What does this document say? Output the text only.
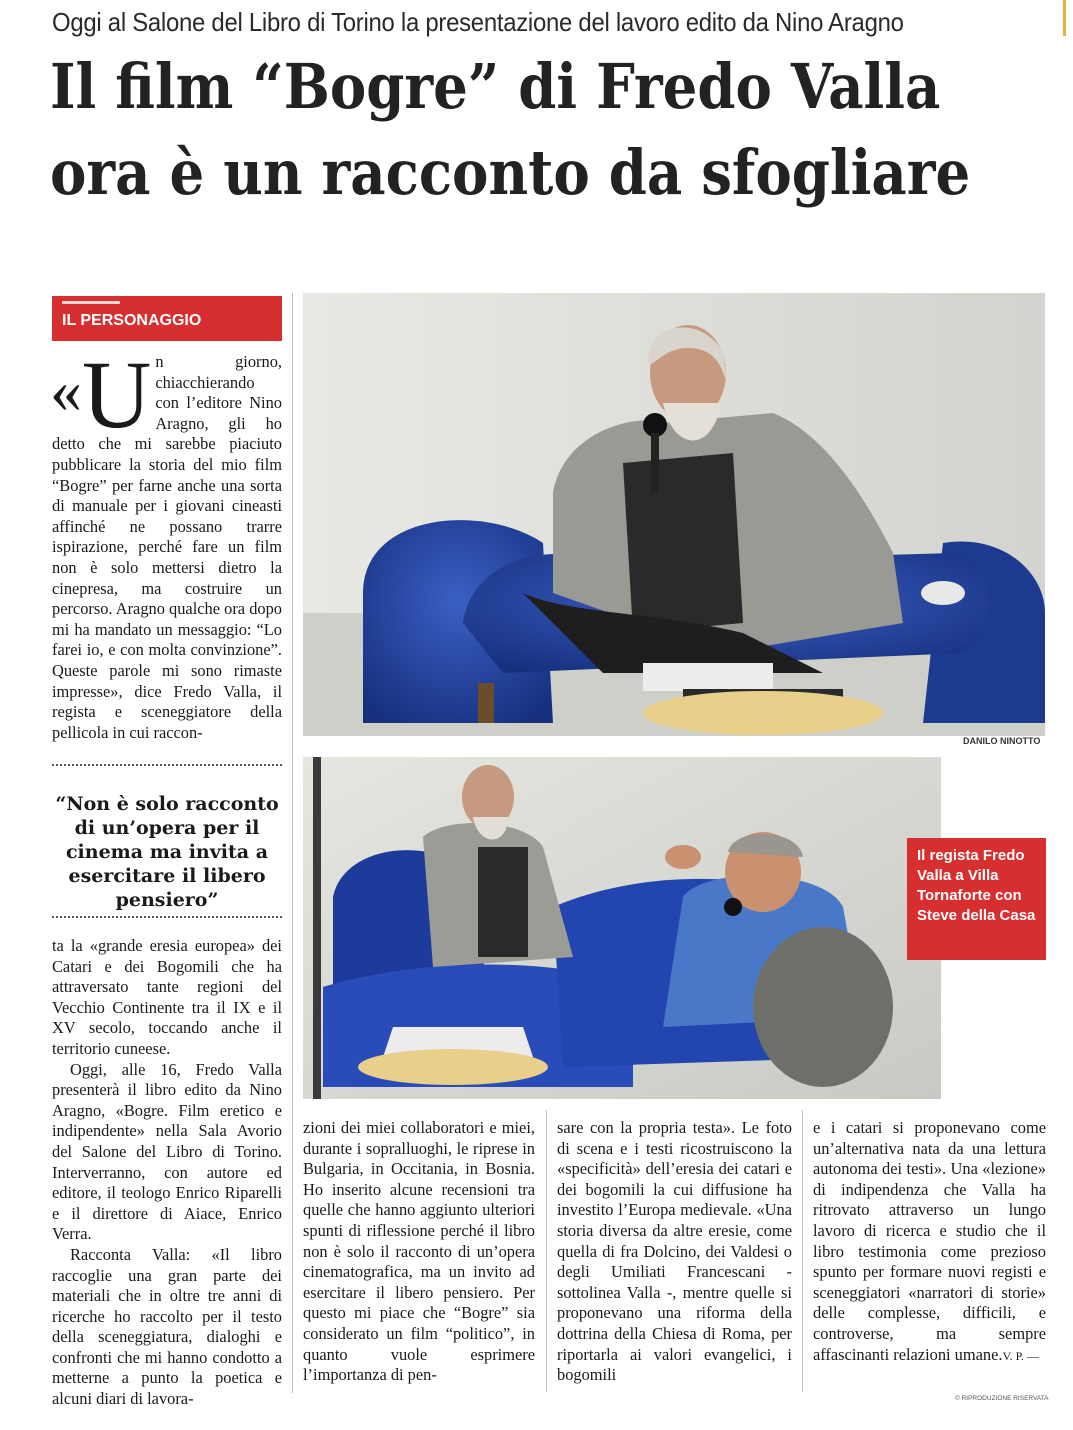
Oggi al Salone del Libro di Torino la presentazione del lavoro edito da Nino Aragno
Il film “Bogre” di Fredo Valla
ora è un racconto da sfogliare
IL PERSONAGGIO
«U n giorno, chiacchierando con l’editore Nino Aragno, gli ho detto che mi sarebbe piaciuto pubblicare la storia del mio film “Bogre” per farne anche una sorta di manuale per i giovani cineasti affinché ne possano trarre ispirazione, perché fare un film non è solo mettersi dietro la cinepresa, ma costruire un percorso. Aragno qualche ora dopo mi ha mandato un messaggio: “Lo farei io, e con molta convinzione”. Queste parole mi sono rimaste impresse», dice Fredo Valla, il regista e sceneggiatore della pellicola in cui raccon-
“Non è solo racconto di un’opera per il cinema ma invita a esercitare il libero pensiero”

ta la «grande eresia europea» dei Catari e dei Bogomili che ha attraversato tante regioni del Vecchio Continente tra il IX e il XV secolo, toccando anche il territorio cuneese.

Oggi, alle 16, Fredo Valla presenterà il libro edito da Nino Aragno, «Bogre. Film eretico e indipendente» nella Sala Avorio del Salone del Libro di Torino. Interverranno, con autore ed editore, il teologo Enrico Riparelli e il direttore di Aiace, Enrico Verra.

Racconta Valla: «Il libro raccoglie una gran parte dei materiali che in oltre tre anni di ricerche ho raccolto per il testo della sceneggiatura, dialoghi e confronti che mi hanno condotto a metterne a punto la poetica e alcuni diari di lavora-

DANILO NINOTTO
Il regista Fredo Valla a Villa Tornaforte con Steve della Casa
zioni dei miei collaboratori e miei, durante i sopralluoghi, le riprese in Bulgaria, in Occitania, in Bosnia. Ho inserito alcune recensioni tra quelle che hanno aggiunto ulteriori spunti di riflessione perché il libro non è solo il racconto di un’opera cinematografica, ma un invito ad esercitare il libero pensiero. Per questo mi piace che “Bogre” sia considerato un film “politico”, in quanto vuole esprimere l’importanza di pen-
sare con la propria testa». Le foto di scena e i testi ricostruiscono la «specificità» dell’eresia dei catari e dei bogomili la cui diffusione ha investito l’Europa medievale. «Una storia diversa da altre eresie, come quella di fra Dolcino, dei Valdesi o degli Umiliati Francescani - sottolinea Valla -, mentre quelle si proponevano una riforma della dottrina della Chiesa di Roma, per riportarla ai valori evangelici, i bogomili
e i catari si proponevano come un’alternativa nata da una lettura autonoma dei testi». Una «lezione» di indipendenza che Valla ha ritrovato attraverso un lungo lavoro di ricerca e studio che il libro testimonia come prezioso spunto per formare nuovi registi e sceneggiatori «narratori di storie» delle complesse, difficili, e controverse, ma sempre affascinanti relazioni umane.V. P. —
© RIPRODUZIONE RISERVATA
